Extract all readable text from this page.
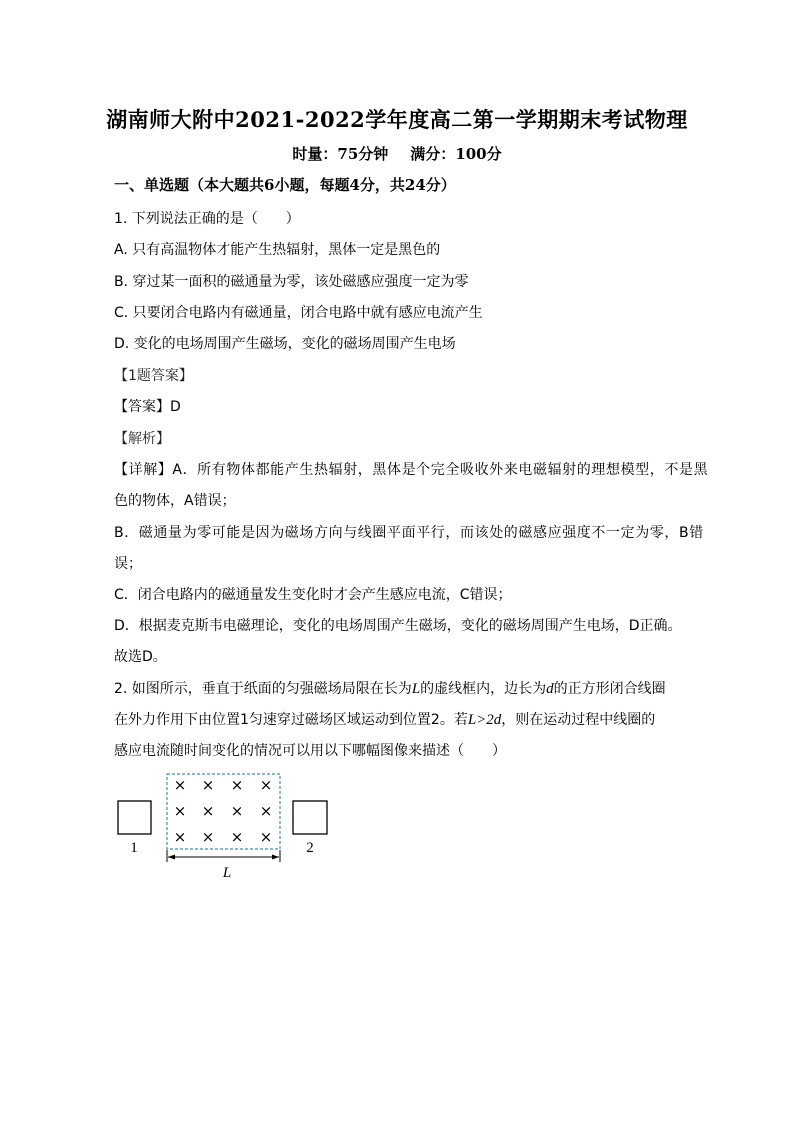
湖南师大附中2021-2022学年度高二第一学期期末考试物理
时量：75分钟 满分：100分
一、单选题（本大题共6小题，每题4分，共24分）
1. 下列说法正确的是（　　）
A. 只有高温物体才能产生热辐射，黑体一定是黑色的
B. 穿过某一面积的磁通量为零，该处磁感应强度一定为零
C. 只要闭合电路内有磁通量，闭合电路中就有感应电流产生
D. 变化的电场周围产生磁场，变化的磁场周围产生电场
【1题答案】
【答案】D
【解析】
【详解】A．所有物体都能产生热辐射，黑体是个完全吸收外来电磁辐射的理想模型，不是黑
色的物体，A错误；
B．磁通量为零可能是因为磁场方向与线圈平面平行，而该处的磁感应强度不一定为零，B错
误；
C．闭合电路内的磁通量发生变化时才会产生感应电流，C错误；
D．根据麦克斯韦电磁理论，变化的电场周围产生磁场，变化的磁场周围产生电场，D正确。
故选D。
2. 如图所示，垂直于纸面的匀强磁场局限在长为L的虚线框内，边长为d的正方形闭合线圈
在外力作用下由位置1匀速穿过磁场区域运动到位置2。若L>2d，则在运动过程中线圈的
感应电流随时间变化的情况可以用以下哪幅图像来描述（　　）
1
× × × ×
× × × ×
× × × ×
2
L
